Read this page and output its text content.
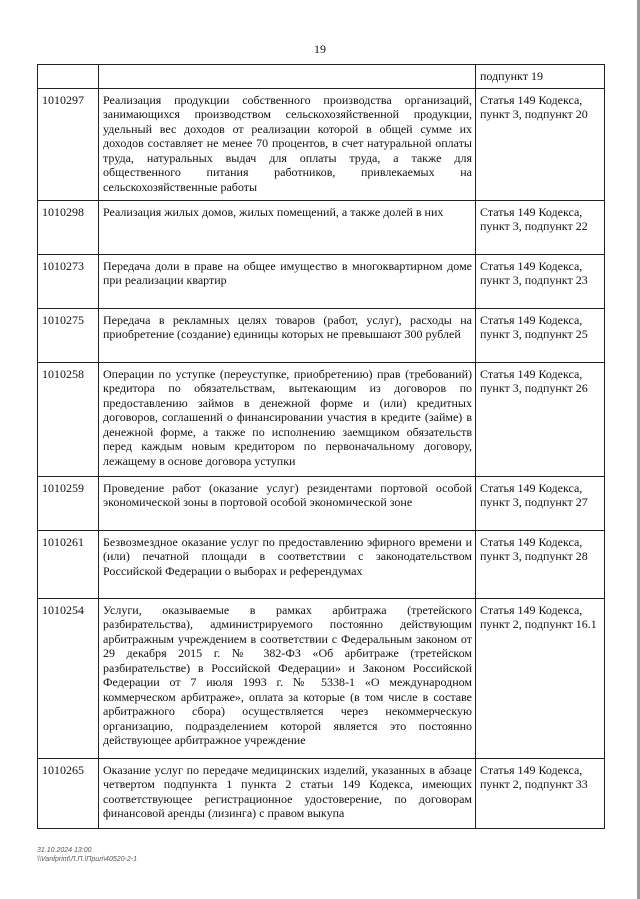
19
		подпункт 19
1010297	Реализация продукции собственного производства организаций, занимающихся производством сельскохозяйственной продукции, удельный вес доходов от реализации которой в общей сумме их доходов составляет не менее 70 процентов, в счет натуральной оплаты труда, натуральных выдач для оплаты труда, а также для общественного питания работников, привлекаемых на сельскохозяйственные работы	Статья 149 Кодекса, пункт 3, подпункт 20
1010298	Реализация жилых домов, жилых помещений, а также долей в них	Статья 149 Кодекса, пункт 3, подпункт 22
1010273	Передача доли в праве на общее имущество в многоквартирном доме при реализации квартир	Статья 149 Кодекса, пункт 3, подпункт 23
1010275	Передача в рекламных целях товаров (работ, услуг), расходы на приобретение (создание) единицы которых не превышают 300 рублей	Статья 149 Кодекса, пункт 3, подпункт 25
1010258	Операции по уступке (переуступке, приобретению) прав (требований) кредитора по обязательствам, вытекающим из договоров по предоставлению займов в денежной форме и (или) кредитных договоров, соглашений о финансировании участия в кредите (займе) в денежной форме, а также по исполнению заемщиком обязательств перед каждым новым кредитором по первоначальному договору, лежащему в основе договора уступки	Статья 149 Кодекса, пункт 3, подпункт 26
1010259	Проведение работ (оказание услуг) резидентами портовой особой экономической зоны в портовой особой экономической зоне	Статья 149 Кодекса, пункт 3, подпункт 27
1010261	Безвозмездное оказание услуг по предоставлению эфирного времени и (или) печатной площади в соответствии с законодательством Российской Федерации о выборах и референдумах	Статья 149 Кодекса, пункт 3, подпункт 28
1010254	Услуги, оказываемые в рамках арбитража (третейского разбирательства), администрируемого постоянно действующим арбитражным учреждением в соответствии с Федеральным законом от 29 декабря 2015 г. № 382-ФЗ «Об арбитраже (третейском разбирательстве) в Российской Федерации» и Законом Российской Федерации от 7 июля 1993 г. № 5338-1 «О международном коммерческом арбитраже», оплата за которые (в том числе в составе арбитражного сбора) осуществляется через некоммерческую организацию, подразделением которой является это постоянно действующее арбитражное учреждение	Статья 149 Кодекса, пункт 2, подпункт 16.1
1010265	Оказание услуг по передаче медицинских изделий, указанных в абзаце четвертом подпункта 1 пункта 2 статьи 149 Кодекса, имеющих соответствующее регистрационное удостоверение, по договорам финансовой аренды (лизинга) с правом выкупа	Статья 149 Кодекса, пункт 2, подпункт 33
31.10.2024 13:00
\\Vanfprint\Л.П.\Прил\40520-2-1
